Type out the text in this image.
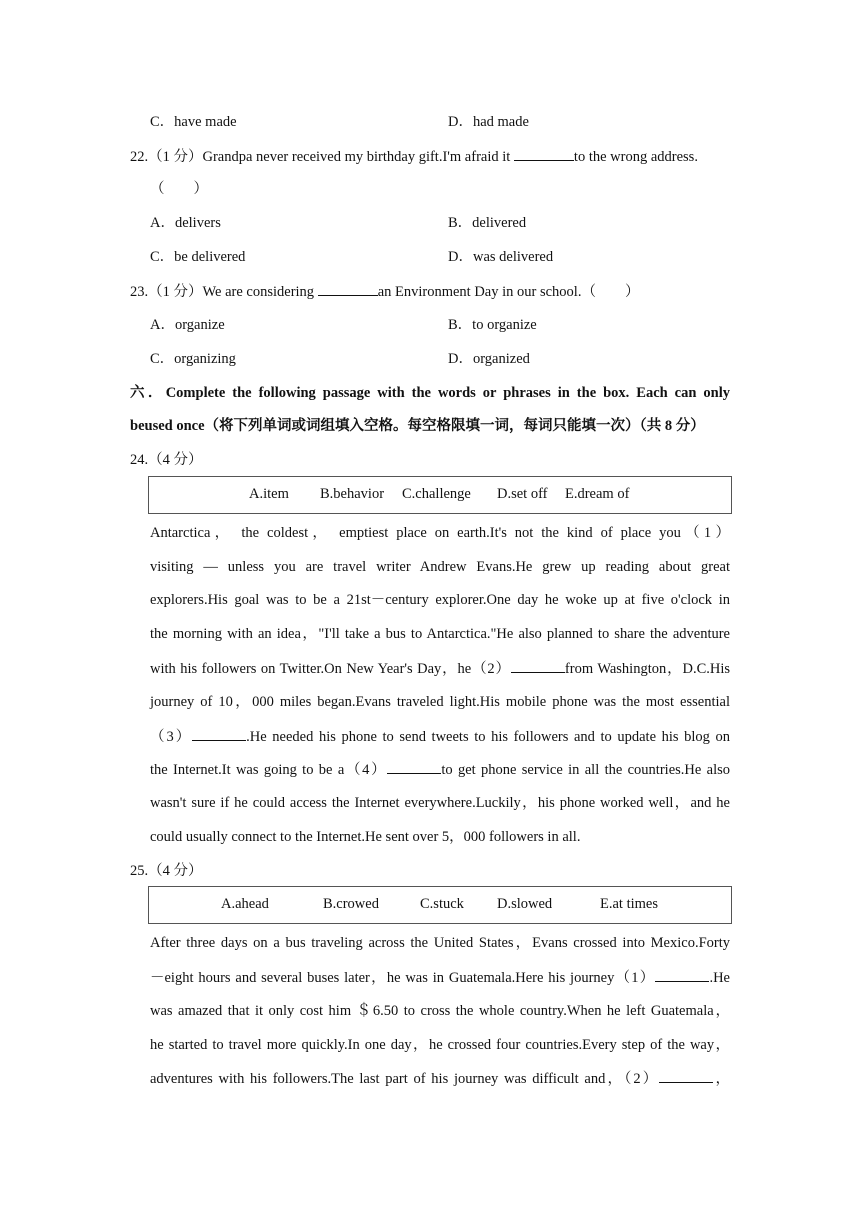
C．have made	D．had made
22.（1 分）Grandpa never received my birthday gift.I'm afraid it	to the wrong address.
（　　）
A．delivers	B．delivered
C．be delivered	D．was delivered
23.（1 分）We are considering	an Environment Day in our school.（　　）
A．organize	B．to organize
C．organizing	D．organized
六．Complete the following passage with the words or phrases in the box. Each can only
beused once（将下列单词或词组填入空格。每空格限填一词，每词只能填一次）（共 8 分）
24.（4 分）
A.item B.behavior C.challenge D.set off E.dream of
Antarctica， the coldest， emptiest place on earth.It's not the kind of place you（1）
visiting — unless you are travel writer Andrew Evans.He grew up reading about great
explorers.His goal was to be a 21st－century explorer.One day he woke up at five o'clock in
the morning with an idea，"I'll take a bus to Antarctica."He also planned to share the adventure
with his followers on Twitter.On New Year's Day，he（2）	from Washington，D.C.His
journey of 10，000 miles began.Evans traveled light.His mobile phone was the most essential
（3）	.He needed his phone to send tweets to his followers and to update his blog on
the Internet.It was going to be a（4）	to get phone service in all the countries.He also
wasn't sure if he could access the Internet everywhere.Luckily，his phone worked well，and he
could usually connect to the Internet.He sent over 5，000 followers in all.
25.（4 分）
A.ahead	B.crowed	C.stuck D.slowed	E.at times
After three days on a bus traveling across the United States，Evans crossed into Mexico.Forty
－eight hours and several buses later，he was in Guatemala.Here his journey（1）	.He
was amazed that it only cost him ＄6.50 to cross the whole country.When he left Guatemala，
he started to travel more quickly.In one day，he crossed four countries.Every step of the way，
adventures with his followers.The last part of his journey was difficult and，（2）	，
